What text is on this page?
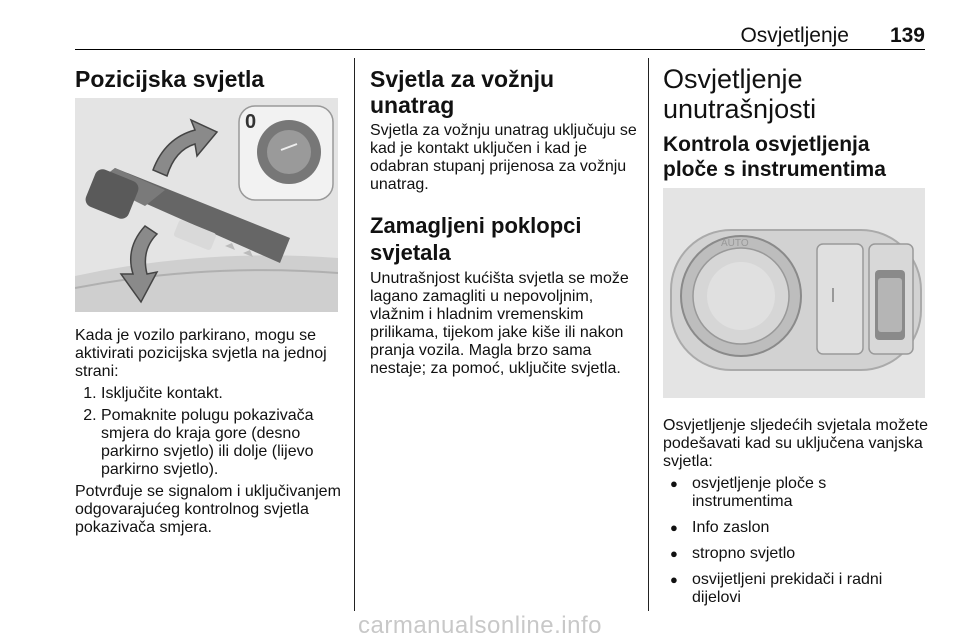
Osvjetljenje 139
Pozicijska svjetla
0

Kada je vozilo parkirano, mogu se aktivirati pozicijska svjetla na jednoj strani:

1. Isključite kontakt.
2. Pomaknite polugu pokazivača smjera do kraja gore (desno parkirno svjetlo) ili dolje (lijevo parkirno svjetlo).

Potvrđuje se signalom i uključivanjem odgovarajućeg kontrolnog svjetla pokazivača smjera.

Svjetla za vožnju unatrag

Svjetla za vožnju unatrag uključuju se kad je kontakt uključen i kad je odabran stupanj prijenosa za vožnju unatrag.

Zamagljeni poklopci svjetala

Unutrašnjost kućišta svjetla se može lagano zamagliti u nepovoljnim, vlažnim i hladnim vremenskim prilikama, tijekom jake kiše ili nakon pranja vozila. Magla brzo sama nestaje; za pomoć, uključite svjetla.

Osvjetljenje unutrašnjosti
Kontrola osvjetljenja ploče s instrumentima
AUTO

Osvjetljenje sljedećih svjetala možete podešavati kad su uključena vanjska svjetla:

● osvjetljenje ploče s instrumentima
● Info zaslon
● stropno svjetlo
● osvijetljeni prekidači i radni dijelovi
carmanualsonline.info
